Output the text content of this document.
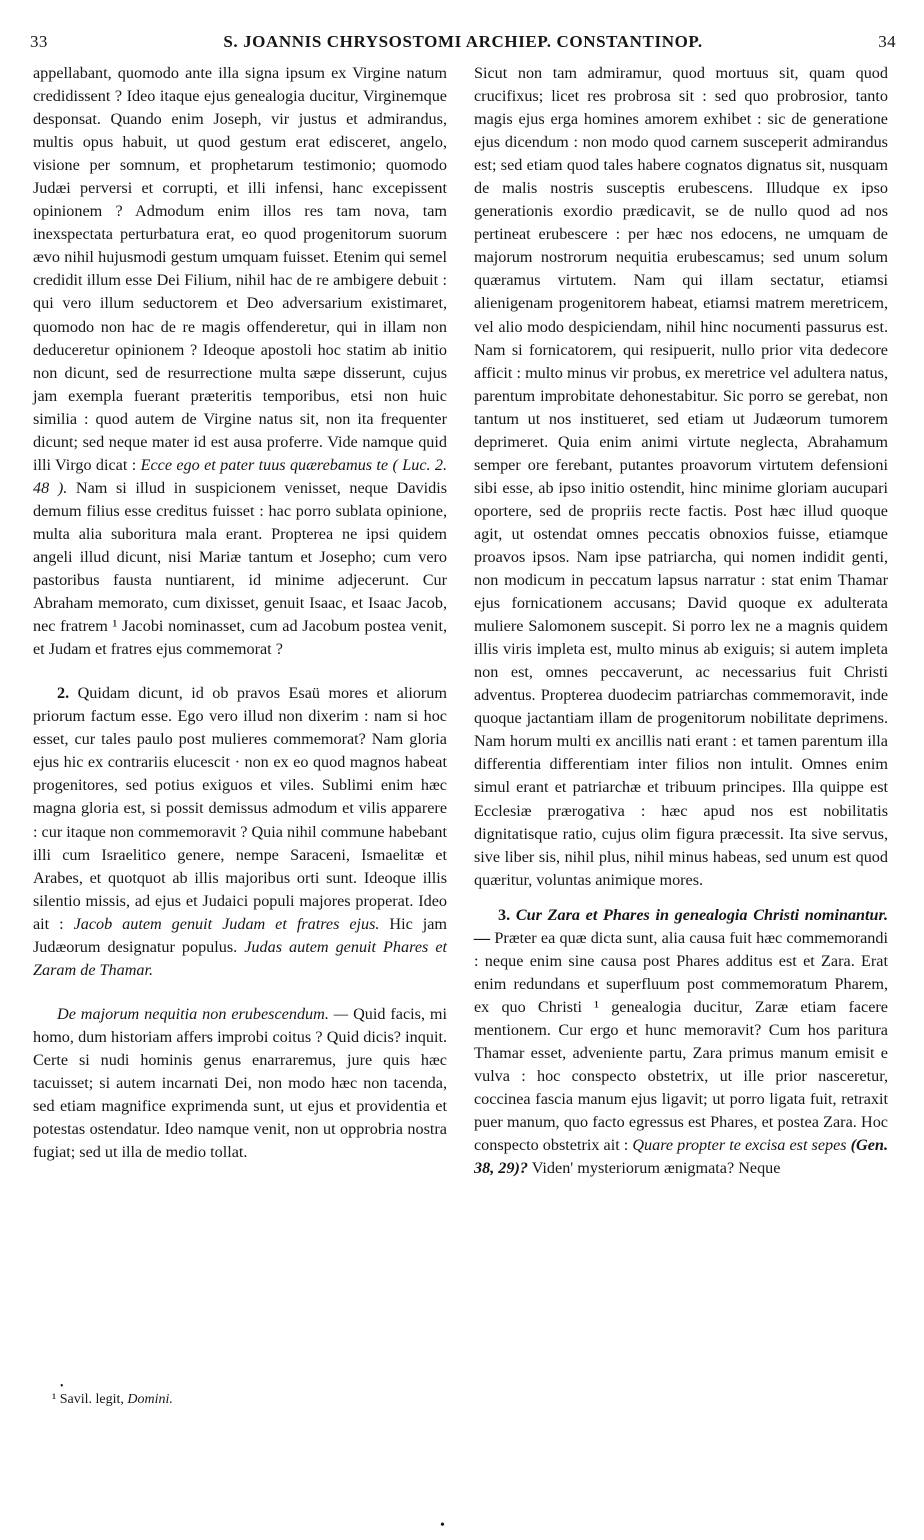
33	S. JOANNIS CHRYSOSTOMI ARCHIEP. CONSTANTINOP.	34

appellabant, quomodo ante illa signa ipsum ex Virgine natum credidissent ? Ideo itaque ejus genealogia ducitur, Virginemque desponsat. Quando enim Joseph, vir justus et admirandus, multis opus habuit, ut quod gestum erat edisceret, angelo, visione per somnum, et prophetarum testimonio; quomodo Judæi perversi et corrupti, et illi infensi, hanc excepissent opinionem ? Admodum enim illos res tam nova, tam inexspectata perturbatura erat, eo quod progenitorum suorum ævo nihil hujusmodi gestum umquam fuisset. Etenim qui semel credidit illum esse Dei Filium, nihil hac de re ambigere debuit : qui vero illum seductorem et Deo adversarium existimaret, quomodo non hac de re magis offenderetur, qui in illam non deduceretur opinionem ? Ideoque apostoli hoc statim ab initio non dicunt, sed de resurrectione multa sæpe disserunt, cujus jam exempla fuerant præteritis temporibus, etsi non huic similia : quod autem de Virgine natus sit, non ita frequenter dicunt; sed neque mater id est ausa proferre. Vide namque quid illi Virgo dicat : Ecce ego et pater tuus quærebamus te ( Luc. 2. 48 ). Nam si illud in suspicionem venisset, neque Davidis demum filius esse creditus fuisset : hac porro sublata opinione, multa alia suboritura mala erant. Propterea ne ipsi quidem angeli illud dicunt, nisi Mariæ tantum et Josepho; cum vero pastoribus fausta nuntiarent, id minime adjecerunt. Cur Abraham memorato, cum dixisset, genuit Isaac, et Isaac Jacob, nec fratrem ¹ Jacobi nominasset, cum ad Jacobum postea venit, et Judam et fratres ejus commemorat ?

2. Quidam dicunt, id ob pravos Esaü mores et aliorum priorum factum esse. Ego vero illud non dixerim : nam si hoc esset, cur tales paulo post mulieres commemorat? Nam gloria ejus hic ex contrariis elucescit · non ex eo quod magnos habeat progenitores, sed potius exiguos et viles. Sublimi enim hæc magna gloria est, si possit demissus admodum et vilis apparere : cur itaque non commemoravit ? Quia nihil commune habebant illi cum Israelitico genere, nempe Saraceni, Ismaelitæ et Arabes, et quotquot ab illis majoribus orti sunt. Ideoque illis silentio missis, ad ejus et Judaici populi majores properat. Ideo ait : Jacob autem genuit Judam et fratres ejus. Hic jam Judæorum designatur populus. Judas autem genuit Phares et Zaram de Thamar.

De majorum nequitia non erubescendum. — Quid facis, mi homo, dum historiam affers improbi coitus ? Quid dicis? inquit. Certe si nudi hominis genus enarraremus, jure quis hæc tacuisset; si autem incarnati Dei, non modo hæc non tacenda, sed etiam magnifice exprimenda sunt, ut ejus et providentia et potestas ostendatur. Ideo namque venit, non ut opprobria nostra fugiat; sed ut illa de medio tollat.

Sicut non tam admiramur, quod mortuus sit, quam quod crucifixus; licet res probrosa sit : sed quo probrosior, tanto magis ejus erga homines amorem exhibet : sic de generatione ejus dicendum : non modo quod carnem susceperit admirandus est; sed etiam quod tales habere cognatos dignatus sit, nusquam de malis nostris susceptis erubescens. Illudque ex ipso generationis exordio prædicavit, se de nullo quod ad nos pertineat erubescere : per hæc nos edocens, ne umquam de majorum nostrorum nequitia erubescamus; sed unum solum quæramus virtutem. Nam qui illam sectatur, etiamsi alienigenam progenitorem habeat, etiamsi matrem meretricem, vel alio modo despiciendam, nihil hinc nocumenti passurus est. Nam si fornicatorem, qui resipuerit, nullo prior vita dedecore afficit : multo minus vir probus, ex meretrice vel adultera natus, parentum improbitate dehonestabitur. Sic porro se gerebat, non tantum ut nos institueret, sed etiam ut Judæorum tumorem deprimeret. Quia enim animi virtute neglecta, Abrahamum semper ore ferebant, putantes proavorum virtutem defensioni sibi esse, ab ipso initio ostendit, hinc minime gloriam aucupari oportere, sed de propriis recte factis. Post hæc illud quoque agit, ut ostendat omnes peccatis obnoxios fuisse, etiamque proavos ipsos. Nam ipse patriarcha, qui nomen indidit genti, non modicum in peccatum lapsus narratur : stat enim Thamar ejus fornicationem accusans; David quoque ex adulterata muliere Salomonem suscepit. Si porro lex ne a magnis quidem illis viris impleta est, multo minus ab exiguis; si autem impleta non est, omnes peccaverunt, ac necessarius fuit Christi adventus. Propterea duodecim patriarchas commemoravit, inde quoque jactantiam illam de progenitorum nobilitate deprimens. Nam horum multi ex ancillis nati erant : et tamen parentum illa differentia differentiam inter filios non intulit. Omnes enim simul erant et patriarchæ et tribuum principes. Illa quippe est Ecclesiæ prærogativa : hæc apud nos est nobilitatis dignitatisque ratio, cujus olim figura præcessit. Ita sive servus, sive liber sis, nihil plus, nihil minus habeas, sed unum est quod quæritur, voluntas animique mores.

3. Cur Zara et Phares in genealogia Christi nominantur. — Præter ea quæ dicta sunt, alia causa fuit hæc commemorandi : neque enim sine causa post Phares additus est et Zara. Erat enim redundans et superfluum post commemoratum Pharem, ex quo Christi ¹ genealogia ducitur, Zaræ etiam facere mentionem. Cur ergo et hunc memoravit? Cum hos paritura Thamar esset, adveniente partu, Zara primus manum emisit e vulva : hoc conspecto obstetrix, ut ille prior nasceretur, coccinea fascia manum ejus ligavit; ut porro ligata fuit, retraxit puer manum, quo facto egressus est Phares, et postea Zara. Hoc conspecto obstetrix ait : Quare propter te excisa est sepes (Gen. 38, 29)? Viden' mysteriorum ænigmata? Neque

¹ Savil. legit, Domini.
•
•
